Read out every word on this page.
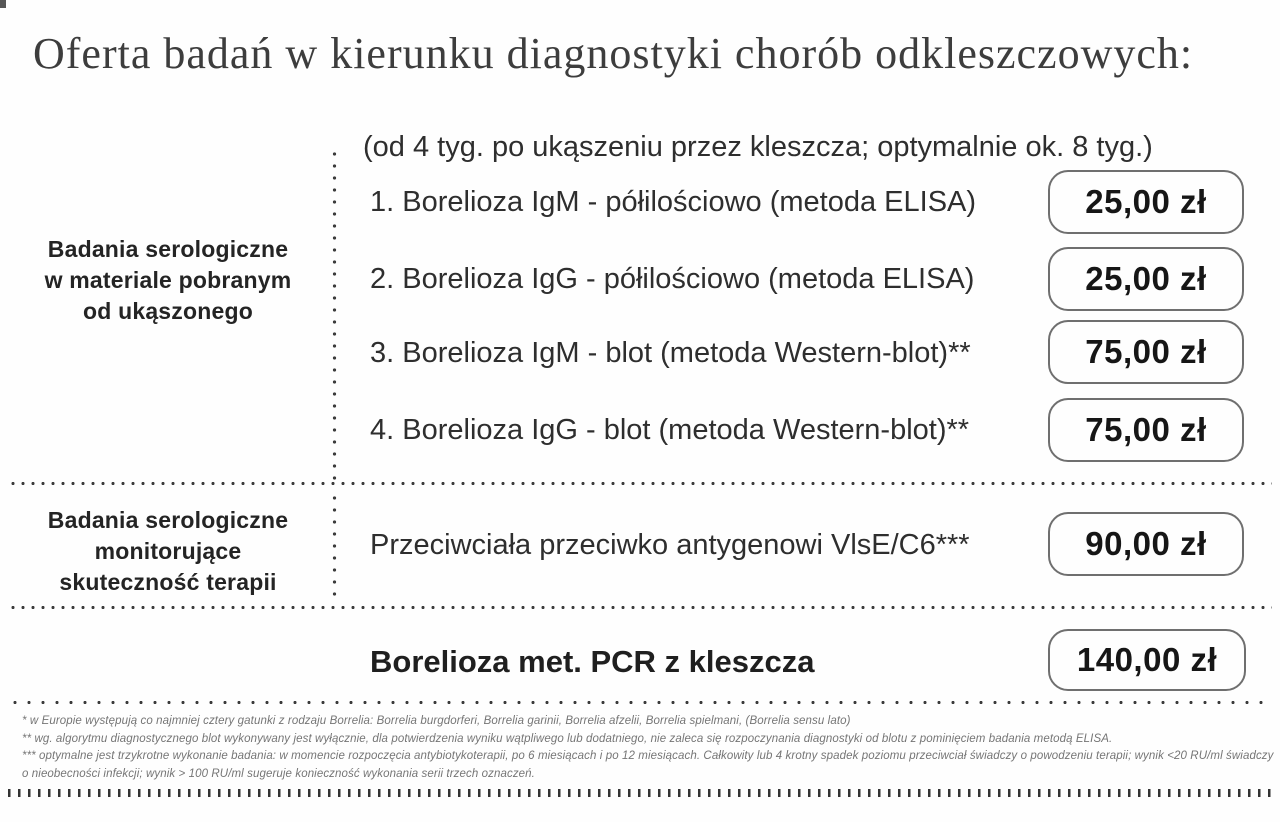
Oferta badań w kierunku diagnostyki chorób odkleszczowych:
Badania serologiczne
w materiale pobranym
od ukąszonego
(od 4 tyg. po ukąszeniu przez kleszcza; optymalnie ok. 8 tyg.)
1. Borelioza IgM - półilościowo (metoda ELISA)	25,00 zł
2. Borelioza IgG - półilościowo (metoda ELISA)	25,00 zł
3. Borelioza IgM - blot (metoda Western-blot)**	75,00 zł
4. Borelioza IgG - blot (metoda Western-blot)**	75,00 zł
Badania serologiczne
monitorujące
skuteczność terapii
Przeciwciała przeciwko antygenowi VlsE/C6***	90,00 zł
Borelioza met. PCR z kleszcza	140,00 zł
* w Europie występują co najmniej cztery gatunki z rodzaju Borrelia: Borrelia burgdorferi, Borrelia garinii, Borrelia afzelii, Borrelia spielmani, (Borrelia sensu lato)
** wg. algorytmu diagnostycznego blot wykonywany jest wyłącznie, dla potwierdzenia wyniku wątpliwego lub dodatniego, nie zaleca się rozpoczynania diagnostyki od blotu z pominięciem badania metodą ELISA.
*** optymalne jest trzykrotne wykonanie badania: w momencie rozpoczęcia antybiotykoterapii, po 6 miesiącach i po 12 miesiącach. Całkowity lub 4 krotny spadek poziomu przeciwciał świadczy o powodzeniu terapii; wynik <20 RU/ml świadczy o nieobecności infekcji; wynik > 100 RU/ml sugeruje konieczność wykonania serii trzech oznaczeń.
